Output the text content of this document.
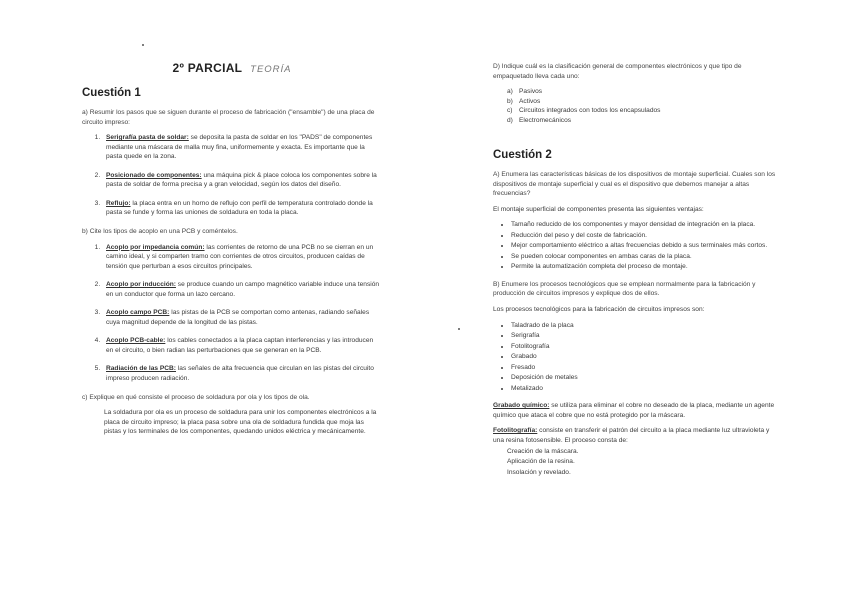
2º PARCIAL TEORÍA
Cuestión 1

a) Resumir los pasos que se siguen durante el proceso de fabricación ("ensamble") de una placa de circuito impreso:

1. Serigrafía pasta de soldar: se deposita la pasta de soldar en los "PADS" de componentes mediante una máscara de malla muy fina, uniformemente y exacta. Es importante que la pasta quede en la zona.
2. Posicionado de componentes: una máquina pick & place coloca los componentes sobre la pasta de soldar de forma precisa y a gran velocidad, según los datos del diseño.
3. Reflujo: la placa entra en un horno de reflujo con perfil de temperatura controlado donde la pasta se funde y forma las uniones de soldadura en toda la placa.

b) Cite los tipos de acoplo en una PCB y coméntelos.

1. Acoplo por impedancia común: las corrientes de retorno de una PCB no se cierran en un camino ideal, y si comparten tramo con corrientes de otros circuitos, producen caídas de tensión que perturban a esos circuitos principales.
2. Acoplo por inducción: se produce cuando un campo magnético variable induce una tensión en un conductor que forma un lazo cercano.
3. Acoplo campo PCB: las pistas de la PCB se comportan como antenas, radiando señales cuya magnitud depende de la longitud de las pistas.
4. Acoplo PCB-cable: los cables conectados a la placa captan interferencias y las introducen en el circuito, o bien radian las perturbaciones que se generan en la PCB.
5. Radiación de las PCB: las señales de alta frecuencia que circulan en las pistas del circuito impreso producen radiación.

c) Explique en qué consiste el proceso de soldadura por ola y los tipos de ola.

La soldadura por ola es un proceso de soldadura para unir los componentes electrónicos a la placa de circuito impreso; la placa pasa sobre una ola de soldadura fundida que moja las pistas y los terminales de los componentes, quedando unidos eléctrica y mecánicamente.

D) Indique cuál es la clasificación general de componentes electrónicos y que tipo de empaquetado lleva cada uno:

a) Pasivos
b) Activos
c) Circuitos integrados con todos los encapsulados
d) Electromecánicos
Cuestión 2

A) Enumera las características básicas de los dispositivos de montaje superficial. Cuales son los dispositivos de montaje superficial y cual es el dispositivo que debemos manejar a altas frecuencias?

El montaje superficial de componentes presenta las siguientes ventajas:

• Tamaño reducido de los componentes y mayor densidad de integración en la placa.
• Reducción del peso y del coste de fabricación.
• Mejor comportamiento eléctrico a altas frecuencias debido a sus terminales más cortos.
• Se pueden colocar componentes en ambas caras de la placa.
• Permite la automatización completa del proceso de montaje.

B) Enumere los procesos tecnológicos que se emplean normalmente para la fabricación y producción de circuitos impresos y explique dos de ellos.

Los procesos tecnológicos para la fabricación de circuitos impresos son:

• Taladrado de la placa
• Serigrafía
• Fotolitografía
• Grabado
• Fresado
• Deposición de metales
• Metalizado

Grabado químico: se utiliza para eliminar el cobre no deseado de la placa, mediante un agente químico que ataca el cobre que no está protegido por la máscara.

Fotolitografía: consiste en transferir el patrón del circuito a la placa mediante luz ultravioleta y una resina fotosensible. El proceso consta de:

Creación de la máscara.
Aplicación de la resina.
Insolación y revelado.
